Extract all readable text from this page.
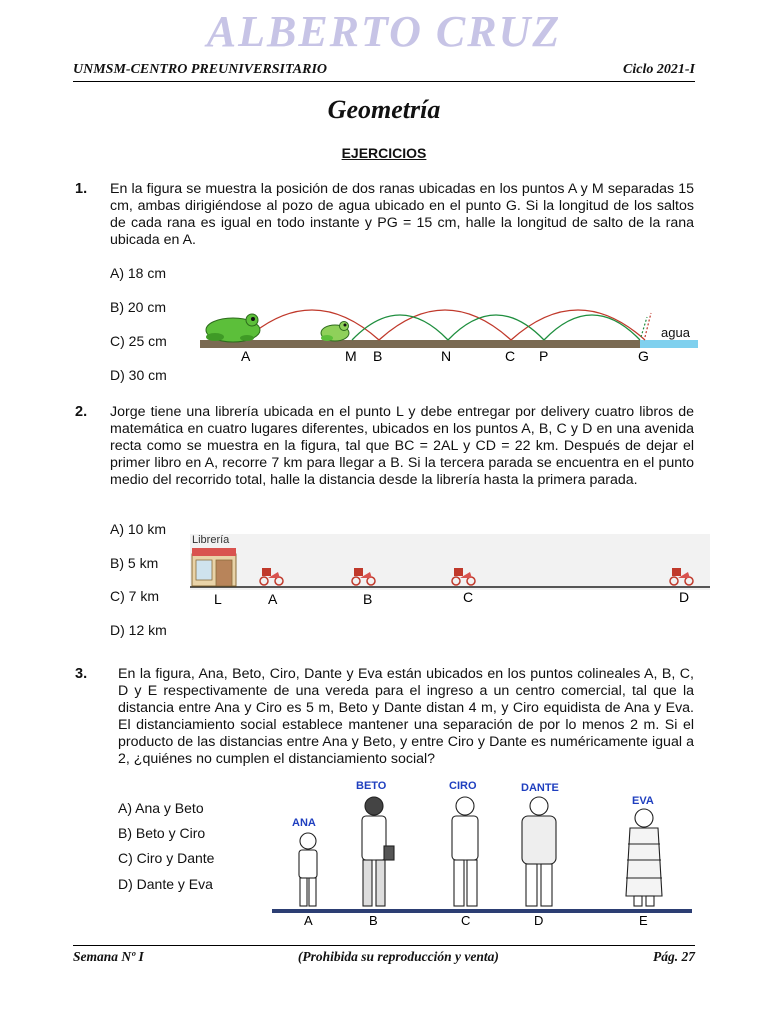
ALBERTO CRUZ
UNMSM-CENTRO PREUNIVERSITARIO	Ciclo 2021-I
Geometría
EJERCICIOS
1. En la figura se muestra la posición de dos ranas ubicadas en los puntos A y M separadas 15 cm, ambas dirigiéndose al pozo de agua ubicado en el punto G. Si la longitud de los saltos de cada rana es igual en todo instante y PG = 15 cm, halle la longitud de salto de la rana ubicada en A.
A) 18 cm
B) 20 cm
C) 25 cm
D) 30 cm
agua
A	M B	N	C P	G
2. Jorge tiene una librería ubicada en el punto L y debe entregar por delivery cuatro libros de matemática en cuatro lugares diferentes, ubicados en los puntos A, B, C y D en una avenida recta como se muestra en la figura, tal que BC = 2AL y CD = 22 km. Después de dejar el primer libro en A, recorre 7 km para llegar a B. Si la tercera parada se encuentra en el punto medio del recorrido total, halle la distancia desde la librería hasta la primera parada.
A) 10 km
B) 5 km
C) 7 km
D) 12 km
Librería
L	A	B	C	D
3. En la figura, Ana, Beto, Ciro, Dante y Eva están ubicados en los puntos colineales A, B, C, D y E respectivamente de una vereda para el ingreso a un centro comercial, tal que la distancia entre Ana y Ciro es 5 m, Beto y Dante distan 4 m, y Ciro equidista de Ana y Eva. El distanciamiento social establece mantener una separación de por lo menos 2 m. Si el producto de las distancias entre Ana y Beto, y entre Ciro y Dante es numéricamente igual a 2, ¿quiénes no cumplen el distanciamiento social?
A) Ana y Beto
B) Beto y Ciro
C) Ciro y Dante
D) Dante y Eva
ANA
BETO	CIRO	DANTE
EVA
A	B	C	D	E
Semana Nº I	(Prohibida su reproducción y venta)	Pág. 27
